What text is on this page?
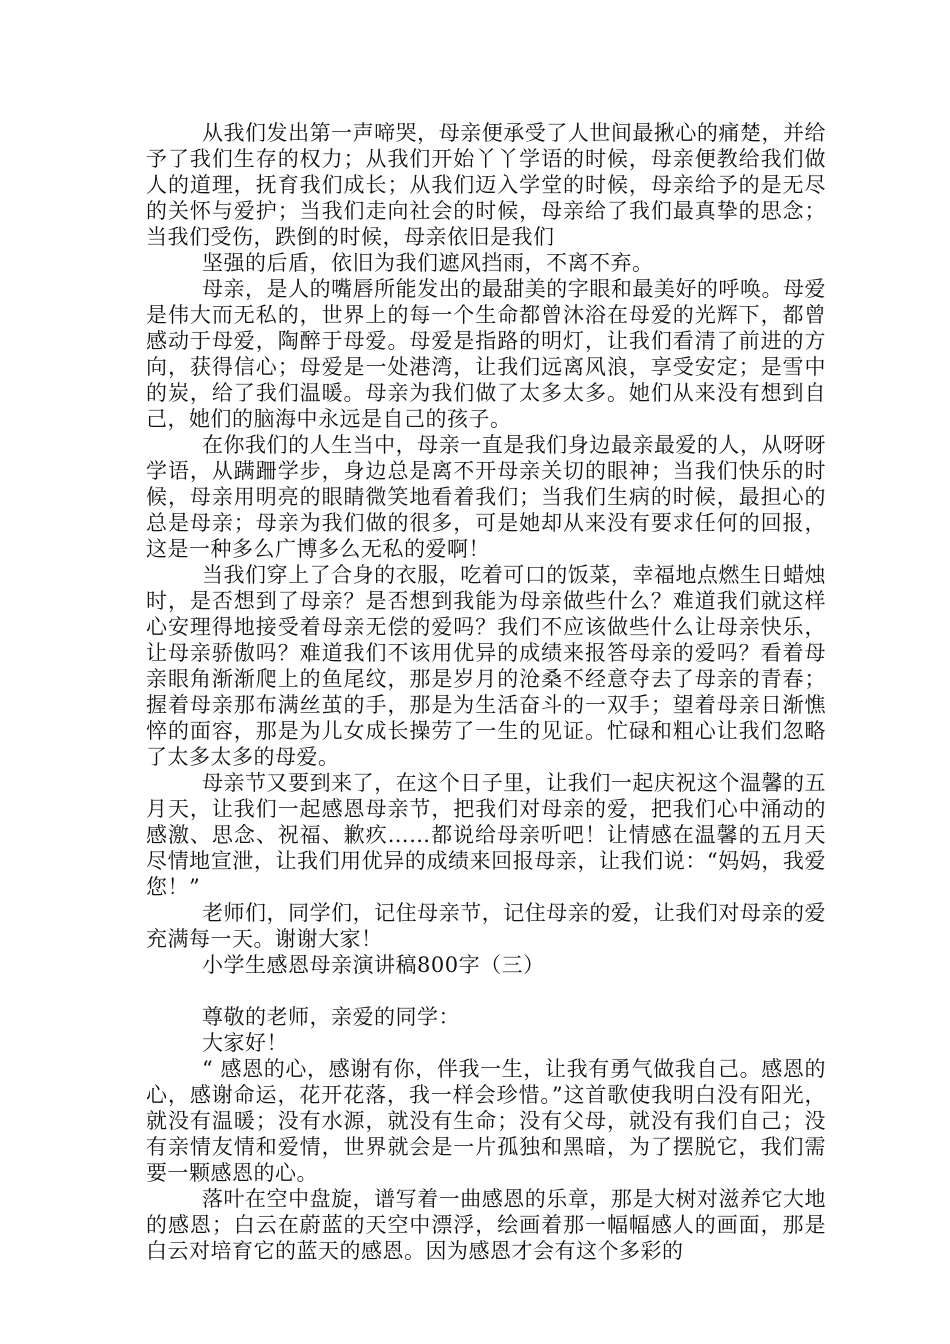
从我们发出第一声啼哭，母亲便承受了人世间最揪心的痛楚，并给予了我们生存的权力；从我们开始丫丫学语的时候，母亲便教给我们做人的道理，抚育我们成长；从我们迈入学堂的时候，母亲给予的是无尽的关怀与爱护；当我们走向社会的时候，母亲给了我们最真挚的思念；当我们受伤，跌倒的时候，母亲依旧是我们

坚强的后盾，依旧为我们遮风挡雨，不离不弃。

母亲，是人的嘴唇所能发出的最甜美的字眼和最美好的呼唤。母爱是伟大而无私的，世界上的每一个生命都曾沐浴在母爱的光辉下，都曾感动于母爱，陶醉于母爱。母爱是指路的明灯，让我们看清了前进的方向，获得信心；母爱是一处港湾，让我们远离风浪，享受安定；是雪中的炭，给了我们温暖。母亲为我们做了太多太多。她们从来没有想到自己，她们的脑海中永远是自己的孩子。

在你我们的人生当中，母亲一直是我们身边最亲最爱的人，从呀呀学语，从蹒跚学步，身边总是离不开母亲关切的眼神；当我们快乐的时候，母亲用明亮的眼睛微笑地看着我们；当我们生病的时候，最担心的总是母亲；母亲为我们做的很多，可是她却从来没有要求任何的回报，这是一种多么广博多么无私的爱啊！

当我们穿上了合身的衣服，吃着可口的饭菜，幸福地点燃生日蜡烛时，是否想到了母亲？是否想到我能为母亲做些什么？难道我们就这样心安理得地接受着母亲无偿的爱吗？我们不应该做些什么让母亲快乐，让母亲骄傲吗？难道我们不该用优异的成绩来报答母亲的爱吗？看着母亲眼角渐渐爬上的鱼尾纹，那是岁月的沧桑不经意夺去了母亲的青春；握着母亲那布满丝茧的手，那是为生活奋斗的一双手；望着母亲日渐憔悴的面容，那是为儿女成长操劳了一生的见证。忙碌和粗心让我们忽略了太多太多的母爱。

母亲节又要到来了，在这个日子里，让我们一起庆祝这个温馨的五月天，让我们一起感恩母亲节，把我们对母亲的爱，把我们心中涌动的感激、思念、祝福、歉疚……都说给母亲听吧！让情感在温馨的五月天尽情地宣泄，让我们用优异的成绩来回报母亲，让我们说：“妈妈，我爱您！”

老师们，同学们，记住母亲节，记住母亲的爱，让我们对母亲的爱充满每一天。谢谢大家！

小学生感恩母亲演讲稿800字（三）

尊敬的老师，亲爱的同学：

大家好！

“ 感恩的心，感谢有你，伴我一生，让我有勇气做我自己。感恩的心，感谢命运，花开花落，我一样会珍惜。”这首歌使我明白没有阳光，就没有温暖；没有水源，就没有生命；没有父母，就没有我们自己；没有亲情友情和爱情，世界就会是一片孤独和黑暗，为了摆脱它，我们需要一颗感恩的心。

落叶在空中盘旋，谱写着一曲感恩的乐章，那是大树对滋养它大地的感恩；白云在蔚蓝的天空中漂浮，绘画着那一幅幅感人的画面，那是白云对培育它的蓝天的感恩。因为感恩才会有这个多彩的
